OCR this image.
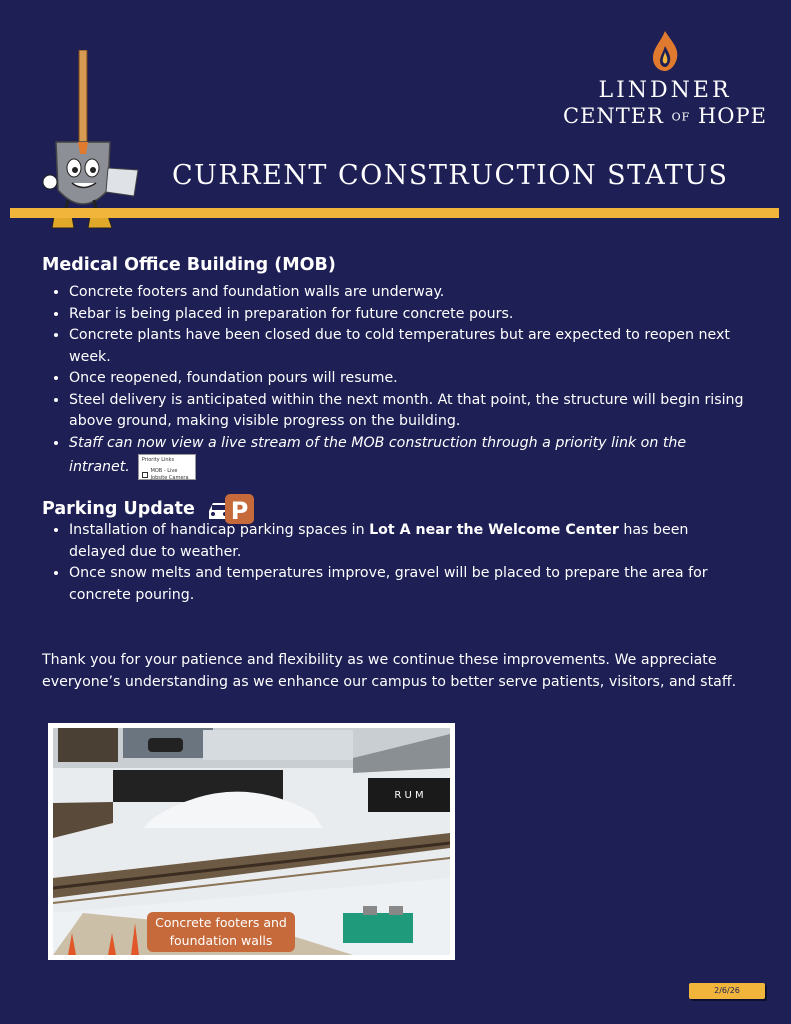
LINDNER
CENTER OF HOPE
CURRENT CONSTRUCTION STATUS
Medical Office Building (MOB)
• Concrete footers and foundation walls are underway.
• Rebar is being placed in preparation for future concrete pours.
• Concrete plants have been closed due to cold temperatures but are expected to reopen next week.
• Once reopened, foundation pours will resume.
• Steel delivery is anticipated within the next month. At that point, the structure will begin rising above ground, making visible progress on the building.
• Staff can now view a live stream of the MOB construction through a priority link on the intranet. Priority Links
MOB - Live Jobsite Camera
Parking Update P
• Installation of handicap parking spaces in Lot A near the Welcome Center has been delayed due to weather.
• Once snow melts and temperatures improve, gravel will be placed to prepare the area for concrete pouring.
Thank you for your patience and flexibility as we continue these improvements. We appreciate everyone’s understanding as we enhance our campus to better serve patients, visitors, and staff.
R U M
Concrete footers and foundation walls
2/6/26
